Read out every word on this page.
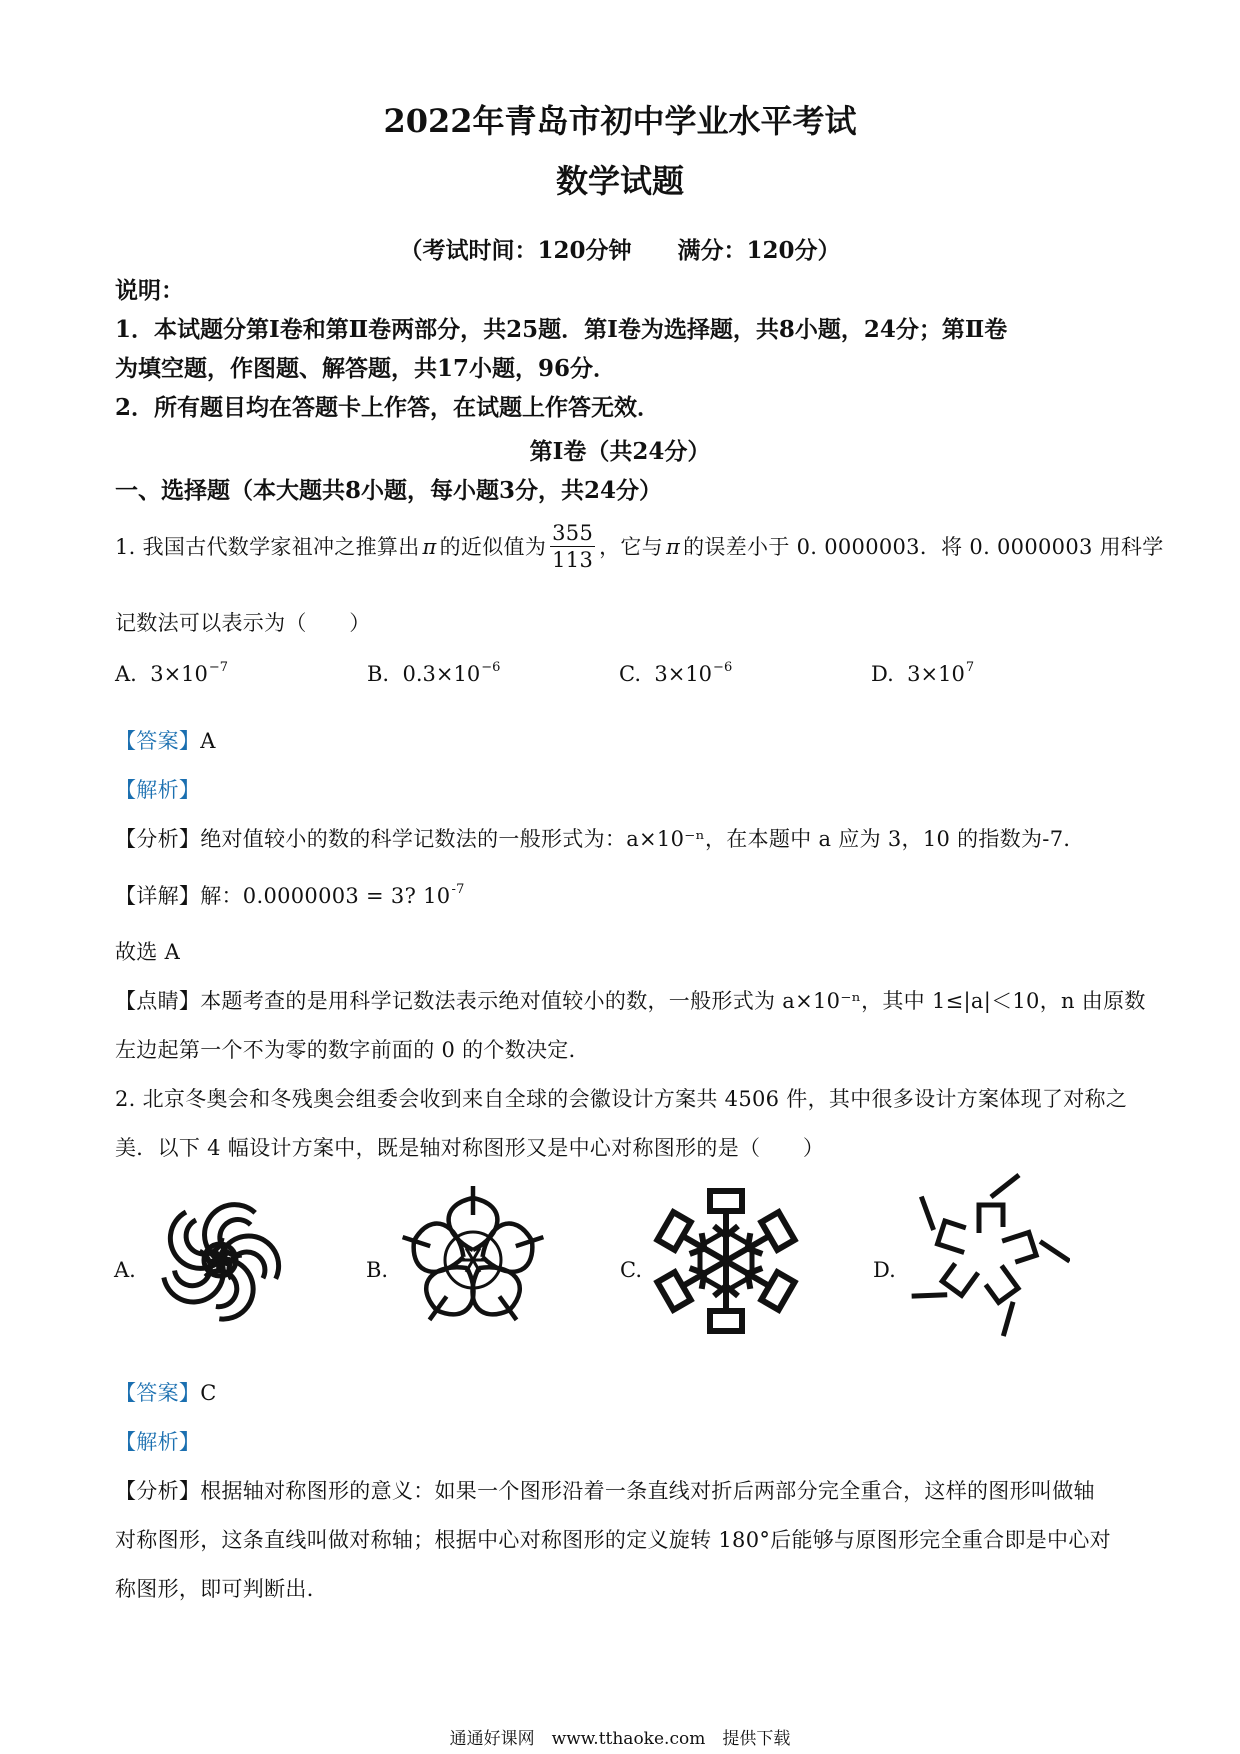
2022年青岛市初中学业水平考试
数学试题
（考试时间：120分钟　　满分：120分）
说明：
1．本试题分第Ⅰ卷和第Ⅱ卷两部分，共25题．第Ⅰ卷为选择题，共8小题，24分；第Ⅱ卷
为填空题，作图题、解答题，共17小题，96分．
2．所有题目均在答题卡上作答，在试题上作答无效．
第Ⅰ卷（共24分）
一、选择题（本大题共8小题，每小题3分，共24分）
1. 我国古代数学家祖冲之推算出 π 的近似值为 $\frac{355}{113}$ ，它与 π 的误差小于 0. 0000003．将 0. 0000003 用科学
记数法可以表示为（　　）
A. $3\times 10^{-7}$	B. $0.3\times 10^{-6}$	C. $3\times 10^{-6}$	D. $3\times 10^7$
【答案】A
【解析】
【分析】绝对值较小的数的科学记数法的一般形式为：a×10⁻ⁿ，在本题中 a 应为 3，10 的指数为-7．
【详解】解：0.0000003 = 3? $10^{-7}$
故选 A
【点睛】本题考查的是用科学记数法表示绝对值较小的数，一般形式为 a×10⁻ⁿ，其中 1≤|a|＜10，n 由原数
左边起第一个不为零的数字前面的 0 的个数决定．
2. 北京冬奥会和冬残奥会组委会收到来自全球的会徽设计方案共 4506 件，其中很多设计方案体现了对称之
美．以下 4 幅设计方案中，既是轴对称图形又是中心对称图形的是（　　）
A.	B.	C.	D.
【答案】C
【解析】
【分析】根据轴对称图形的意义：如果一个图形沿着一条直线对折后两部分完全重合，这样的图形叫做轴
对称图形，这条直线叫做对称轴；根据中心对称图形的定义旋转 180°后能够与原图形完全重合即是中心对
称图形，即可判断出．
通通好课网　www.tthaoke.com　提供下载
